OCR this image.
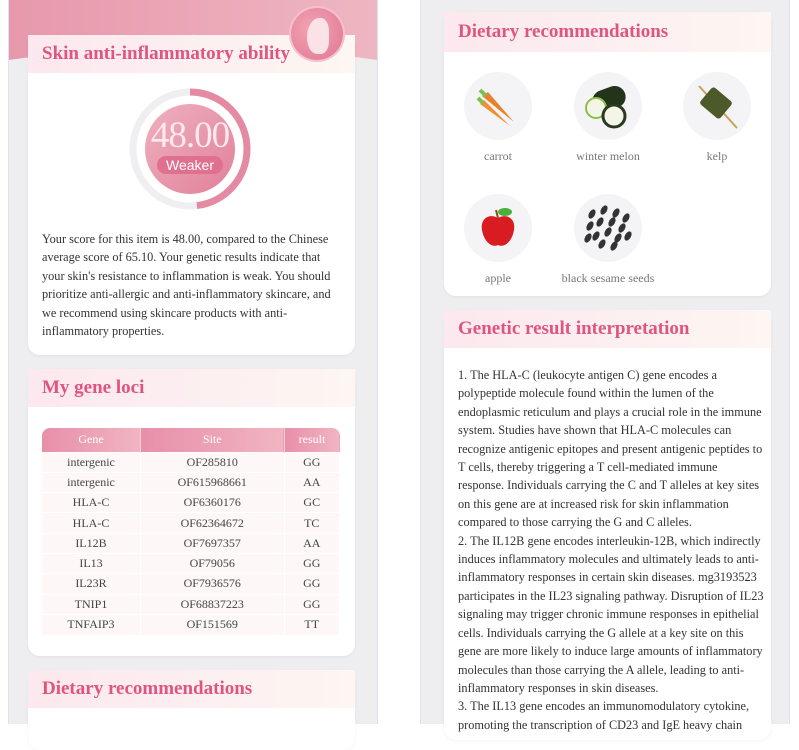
Skin anti-inflammatory ability
48.00
Weaker
Your score for this item is 48.00, compared to the Chinese average score of 65.10. Your genetic results indicate that your skin's resistance to inflammation is weak. You should prioritize anti-allergic and anti-inflammatory skincare, and we recommend using skincare products with anti-inflammatory properties.
My gene loci
Gene	Site	result
intergenic	OF285810	GG
intergenic	OF615968661	AA
HLA-C	OF6360176	GC
HLA-C	OF62364672	TC
IL12B	OF7697357	AA
IL13	OF79056	GG
IL23R	OF7936576	GG
TNIP1	OF68837223	GG
TNFAIP3	OF151569	TT
Dietary recommendations
Dietary recommendations
carrot	winter melon	kelp
apple	black sesame seeds
Genetic result interpretation
1. The HLA-C (leukocyte antigen C) gene encodes a polypeptide molecule found within the lumen of the endoplasmic reticulum and plays a crucial role in the immune system. Studies have shown that HLA-C molecules can recognize antigenic epitopes and present antigenic peptides to T cells, thereby triggering a T cell-mediated immune response. Individuals carrying the C and T alleles at key sites on this gene are at increased risk for skin inflammation compared to those carrying the G and C alleles.
2. The IL12B gene encodes interleukin-12B, which indirectly induces inflammatory molecules and ultimately leads to anti-inflammatory responses in certain skin diseases. mg3193523 participates in the IL23 signaling pathway. Disruption of IL23 signaling may trigger chronic immune responses in epithelial cells. Individuals carrying the G allele at a key site on this gene are more likely to induce large amounts of inflammatory molecules than those carrying the A allele, leading to anti-inflammatory responses in skin diseases.
3. The IL13 gene encodes an immunomodulatory cytokine, promoting the transcription of CD23 and IgE heavy chain
